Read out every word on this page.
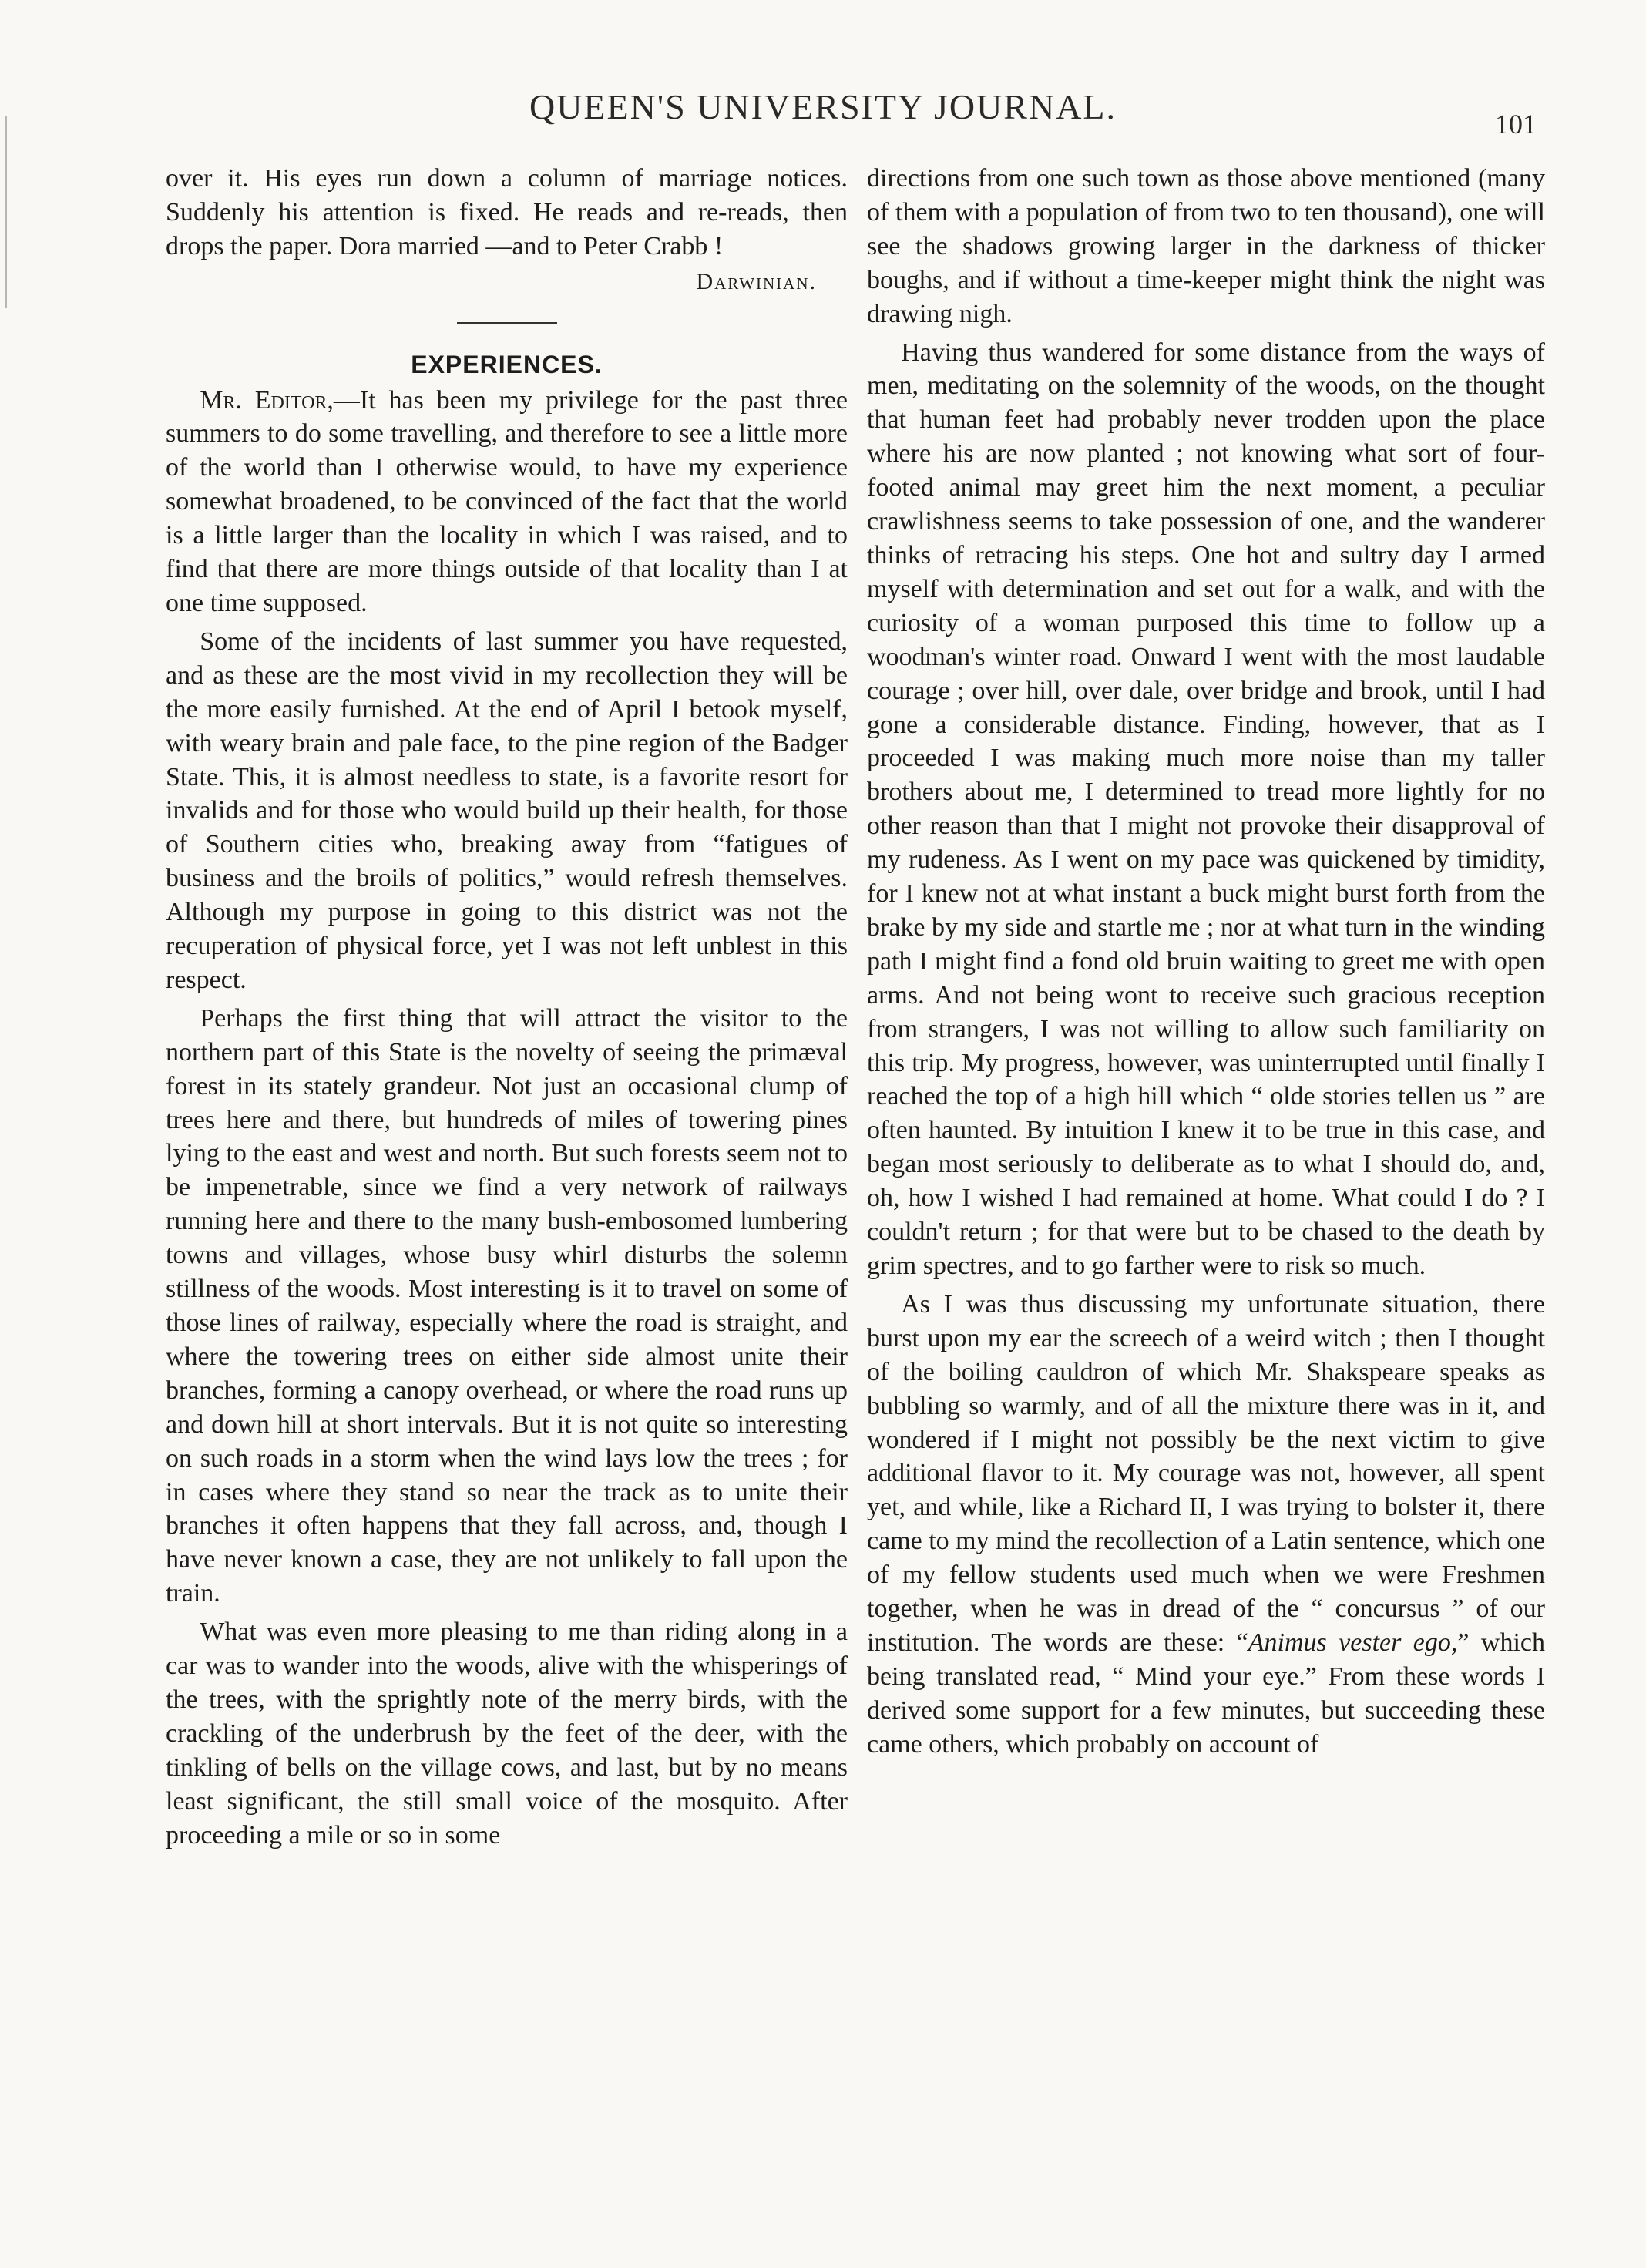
QUEEN'S UNIVERSITY JOURNAL.	101

over it. His eyes run down a column of marriage notices. Suddenly his attention is fixed. He reads and re-reads, then drops the paper. Dora married —and to Peter Crabb !

Darwinian.

EXPERIENCES.

Mr. Editor,—It has been my privilege for the past three summers to do some travelling, and therefore to see a little more of the world than I otherwise would, to have my experience somewhat broadened, to be convinced of the fact that the world is a little larger than the locality in which I was raised, and to find that there are more things outside of that locality than I at one time supposed.

Some of the incidents of last summer you have requested, and as these are the most vivid in my recollection they will be the more easily furnished. At the end of April I betook myself, with weary brain and pale face, to the pine region of the Badger State. This, it is almost needless to state, is a favorite resort for invalids and for those who would build up their health, for those of Southern cities who, breaking away from “fatigues of business and the broils of politics,” would refresh themselves. Although my purpose in going to this district was not the recuperation of physical force, yet I was not left unblest in this respect.

Perhaps the first thing that will attract the visitor to the northern part of this State is the novelty of seeing the primæval forest in its stately grandeur. Not just an occasional clump of trees here and there, but hundreds of miles of towering pines lying to the east and west and north. But such forests seem not to be impenetrable, since we find a very network of railways running here and there to the many bush-embosomed lumbering towns and villages, whose busy whirl disturbs the solemn stillness of the woods. Most interesting is it to travel on some of those lines of railway, especially where the road is straight, and where the towering trees on either side almost unite their branches, forming a canopy overhead, or where the road runs up and down hill at short intervals. But it is not quite so interesting on such roads in a storm when the wind lays low the trees ; for in cases where they stand so near the track as to unite their branches it often happens that they fall across, and, though I have never known a case, they are not unlikely to fall upon the train.

What was even more pleasing to me than riding along in a car was to wander into the woods, alive with the whisperings of the trees, with the sprightly note of the merry birds, with the crackling of the underbrush by the feet of the deer, with the tinkling of bells on the village cows, and last, but by no means least significant, the still small voice of the mosquito. After proceeding a mile or so in some

directions from one such town as those above mentioned (many of them with a population of from two to ten thousand), one will see the shadows growing larger in the darkness of thicker boughs, and if without a time-keeper might think the night was drawing nigh.

Having thus wandered for some distance from the ways of men, meditating on the solemnity of the woods, on the thought that human feet had probably never trodden upon the place where his are now planted ; not knowing what sort of four-footed animal may greet him the next moment, a peculiar crawlishness seems to take possession of one, and the wanderer thinks of retracing his steps. One hot and sultry day I armed myself with determination and set out for a walk, and with the curiosity of a woman purposed this time to follow up a woodman's winter road. Onward I went with the most laudable courage ; over hill, over dale, over bridge and brook, until I had gone a considerable distance. Finding, however, that as I proceeded I was making much more noise than my taller brothers about me, I determined to tread more lightly for no other reason than that I might not provoke their disapproval of my rudeness. As I went on my pace was quickened by timidity, for I knew not at what instant a buck might burst forth from the brake by my side and startle me ; nor at what turn in the winding path I might find a fond old bruin waiting to greet me with open arms. And not being wont to receive such gracious reception from strangers, I was not willing to allow such familiarity on this trip. My progress, however, was uninterrupted until finally I reached the top of a high hill which “ olde stories tellen us ” are often haunted. By intuition I knew it to be true in this case, and began most seriously to deliberate as to what I should do, and, oh, how I wished I had remained at home. What could I do ? I couldn't return ; for that were but to be chased to the death by grim spectres, and to go farther were to risk so much.

As I was thus discussing my unfortunate situation, there burst upon my ear the screech of a weird witch ; then I thought of the boiling cauldron of which Mr. Shakspeare speaks as bubbling so warmly, and of all the mixture there was in it, and wondered if I might not possibly be the next victim to give additional flavor to it. My courage was not, however, all spent yet, and while, like a Richard II, I was trying to bolster it, there came to my mind the recollection of a Latin sentence, which one of my fellow students used much when we were Freshmen together, when he was in dread of the “ concursus ” of our institution. The words are these: “Animus vester ego,” which being translated read, “ Mind your eye.” From these words I derived some support for a few minutes, but succeeding these came others, which probably on account of
